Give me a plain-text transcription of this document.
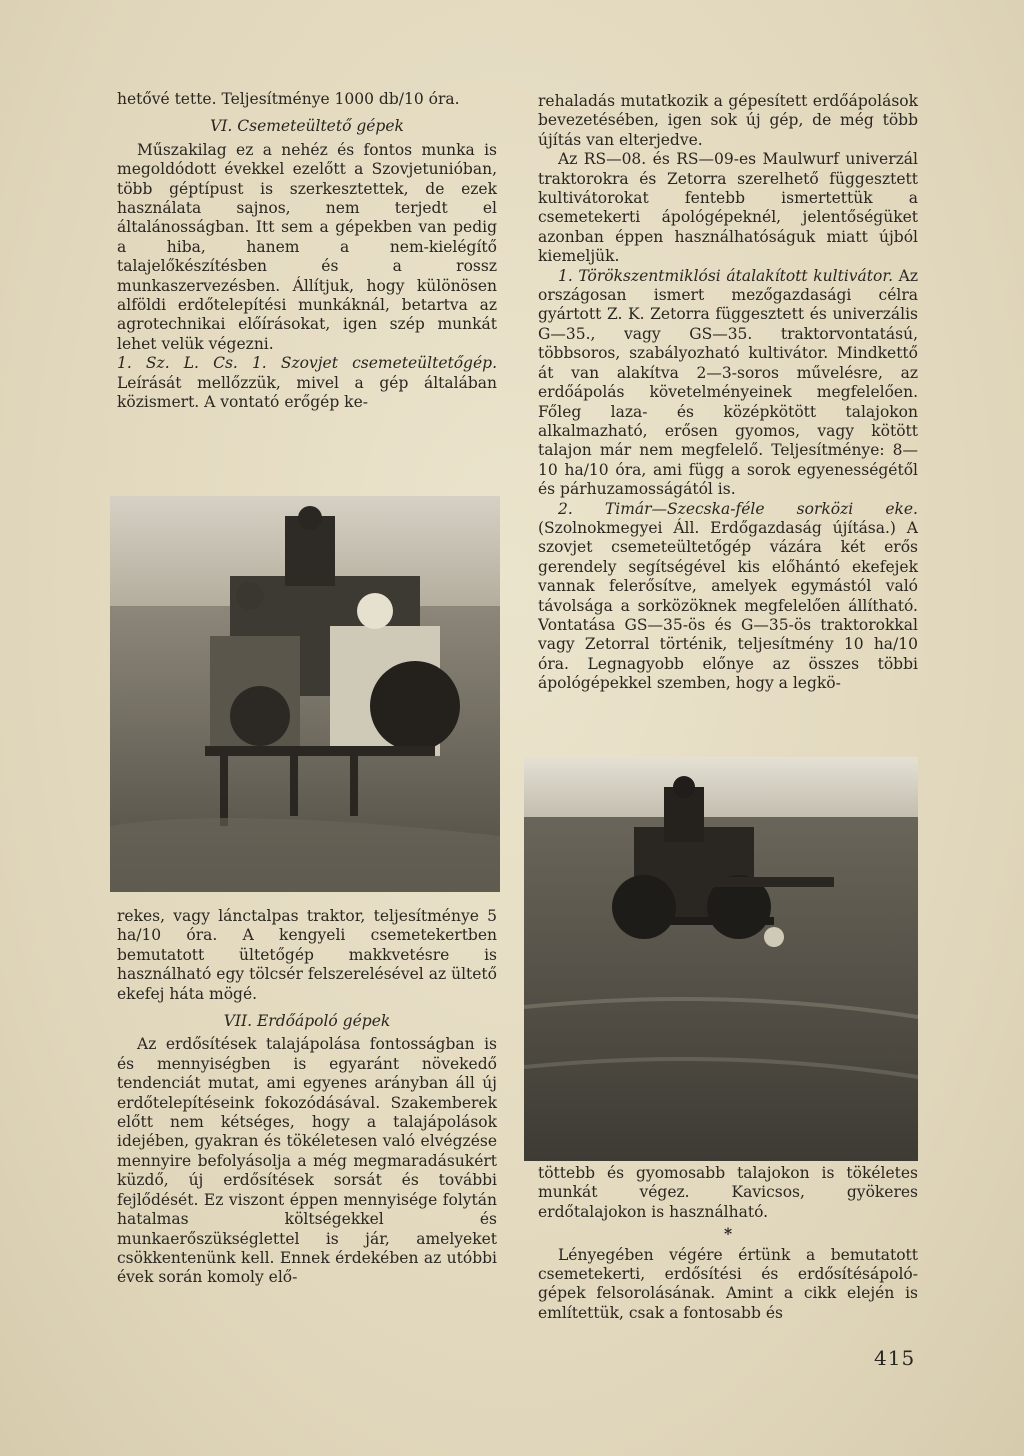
hetővé tette. Teljesítménye 1000 db/10 óra.

VI. Csemeteültető gépek

Műszakilag ez a nehéz és fontos munka is megoldódott évekkel ezelőtt a Szovjetunióban, több géptípust is szerkesztettek, de ezek használata sajnos, nem terjedt el általánosságban. Itt sem a gépekben van pedig a hiba, hanem a nem-kielégítő talajelőkészítésben és a rossz munkaszervezésben. Állítjuk, hogy különösen alföldi erdőtelepítési munkáknál, betartva az agrotechnikai előírásokat, igen szép munkát lehet velük végezni.

1. Sz. L. Cs. 1. Szovjet csemeteültetőgép. Leírását mellőzzük, mivel a gép általában közismert. A vontató erőgép ke-

rekes, vagy lánctalpas traktor, teljesítménye 5 ha/10 óra. A kengyeli csemetekertben bemutatott ültetőgép makkvetésre is használható egy tölcsér felszerelésével az ültető ekefej háta mögé.

VII. Erdőápoló gépek

Az erdősítések talajápolása fontosságban is és mennyiségben is egyaránt növekedő tendenciát mutat, ami egyenes arányban áll új erdőtelepítéseink fokozódásával. Szakemberek előtt nem kétséges, hogy a talajápolások idejében, gyakran és tökéletesen való elvégzése mennyire befolyásolja a még megmaradásukért küzdő, új erdősítések sorsát és további fejlődését. Ez viszont éppen mennyisége folytán hatalmas költségekkel és munkaerőszükséglettel is jár, amelyeket csökkentenünk kell. Ennek érdekében az utóbbi évek során komoly elő-

rehaladás mutatkozik a gépesített erdőápolások bevezetésében, igen sok új gép, de még több újítás van elterjedve.

Az RS—08. és RS—09-es Maulwurf univerzál traktorokra és Zetorra szerelhető függesztett kultivátorokat fentebb ismertettük a csemetekerti ápológépeknél, jelentőségüket azonban éppen használhatóságuk miatt újból kiemeljük.

1. Törökszentmiklósi átalakított kultivátor. Az országosan ismert mezőgazdasági célra gyártott Z. K. Zetorra függesztett és univerzális G—35., vagy GS—35. traktorvontatású, többsoros, szabályozható kultivátor. Mindkettő át van alakítva 2—3-soros művelésre, az erdőápolás követelményeinek megfelelően. Főleg laza- és középkötött talajokon alkalmazható, erősen gyomos, vagy kötött talajon már nem megfelelő. Teljesítménye: 8—10 ha/10 óra, ami függ a sorok egyenességétől és párhuzamosságától is.

2. Timár—Szecska-féle sorközi eke. (Szolnokmegyei Áll. Erdőgazdaság újítása.) A szovjet csemeteültetőgép vázára két erős gerendely segítségével kis előhántó ekefejek vannak felerősítve, amelyek egymástól való távolsága a sorközöknek megfelelően állítható. Vontatása GS—35-ös és G—35-ös traktorokkal vagy Zetorral történik, teljesítmény 10 ha/10 óra. Legnagyobb előnye az összes többi ápológépekkel szemben, hogy a legkö-

töttebb és gyomosabb talajokon is tökéletes munkát végez. Kavicsos, gyökeres erdőtalajokon is használható.

*

Lényegében végére értünk a bemutatott csemetekerti, erdősítési és erdősítésápoló-gépek felsorolásának. Amint a cikk elején is említettük, csak a fontosabb és

415
